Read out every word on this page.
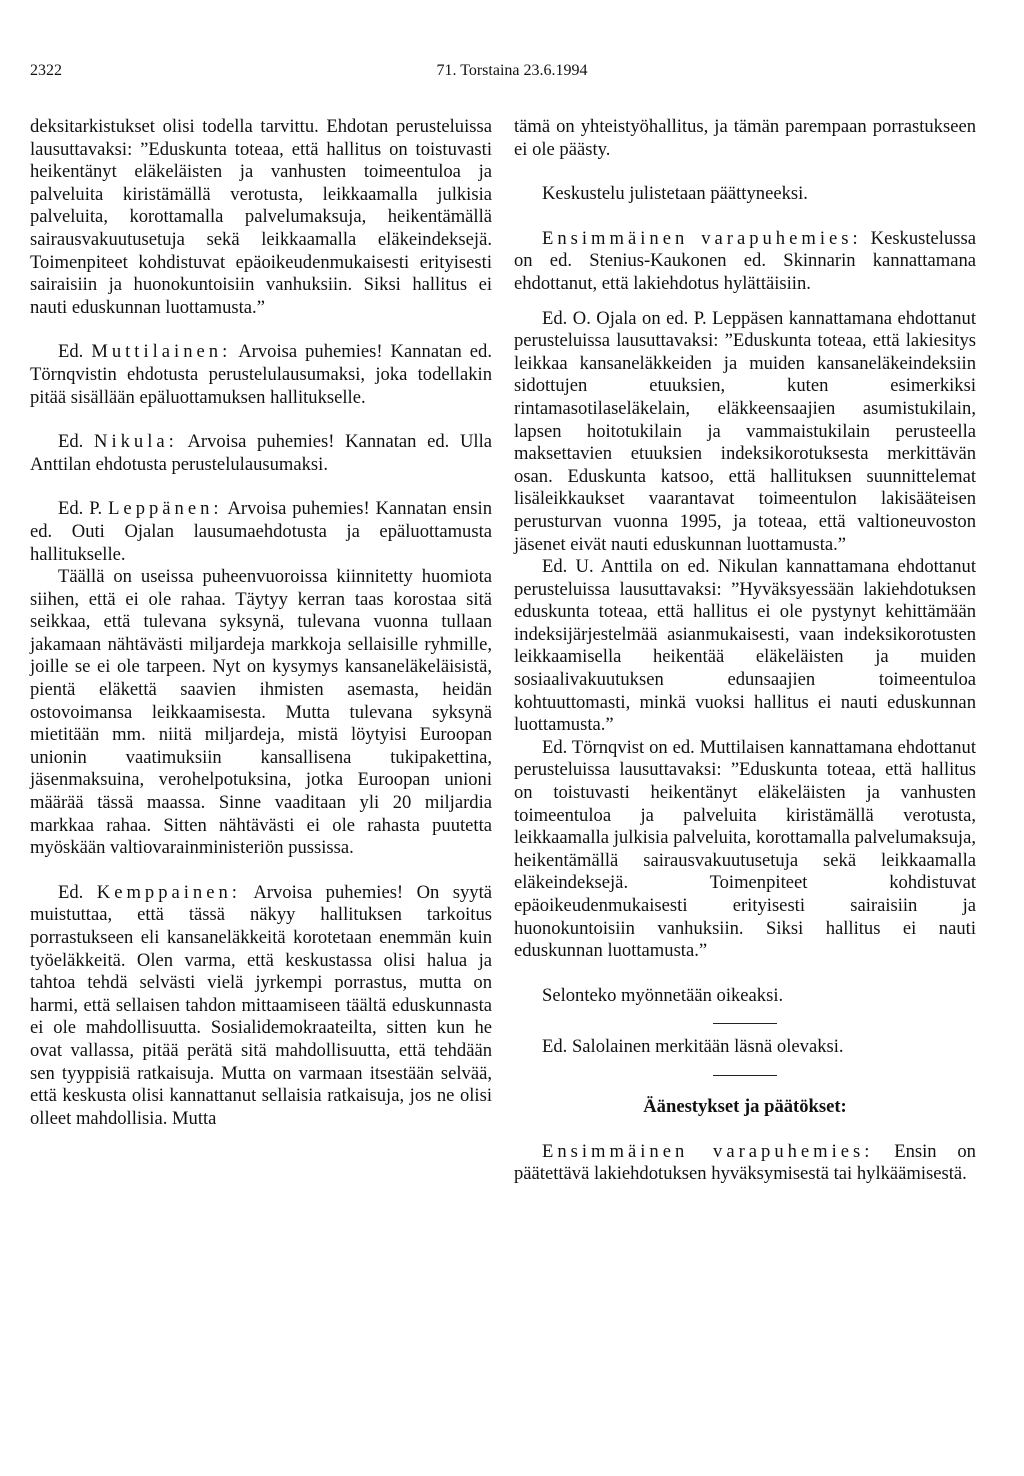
2322	71. Torstaina 23.6.1994

deksitarkistukset olisi todella tarvittu. Ehdotan perusteluissa lausuttavaksi: ”Eduskunta toteaa, että hallitus on toistuvasti heikentänyt eläkeläisten ja vanhusten toimeentuloa ja palveluita kiristämällä verotusta, leikkaamalla julkisia palveluita, korottamalla palvelumaksuja, heikentämällä sairausvakuutusetuja sekä leikkaamalla eläkeindeksejä. Toimenpiteet kohdistuvat epäoikeudenmukaisesti erityisesti sairaisiin ja huonokuntoisiin vanhuksiin. Siksi hallitus ei nauti eduskunnan luottamusta.”

Ed. Muttilainen: Arvoisa puhemies! Kannatan ed. Törnqvistin ehdotusta perustelulausumaksi, joka todellakin pitää sisällään epäluottamuksen hallitukselle.

Ed. Nikula: Arvoisa puhemies! Kannatan ed. Ulla Anttilan ehdotusta perustelulausumaksi.

Ed. P. Leppänen: Arvoisa puhemies! Kannatan ensin ed. Outi Ojalan lausumaehdotusta ja epäluottamusta hallitukselle.

Täällä on useissa puheenvuoroissa kiinnitetty huomiota siihen, että ei ole rahaa. Täytyy kerran taas korostaa sitä seikkaa, että tulevana syksynä, tulevana vuonna tullaan jakamaan nähtävästi miljardeja markkoja sellaisille ryhmille, joille se ei ole tarpeen. Nyt on kysymys kansaneläkeläisistä, pientä eläkettä saavien ihmisten asemasta, heidän ostovoimansa leikkaamisesta. Mutta tulevana syksynä mietitään mm. niitä miljardeja, mistä löytyisi Euroopan unionin vaatimuksiin kansallisena tukipakettina, jäsenmaksuina, verohelpotuksina, jotka Euroopan unioni määrää tässä maassa. Sinne vaaditaan yli 20 miljardia markkaa rahaa. Sitten nähtävästi ei ole rahasta puutetta myöskään valtiovarainministeriön pussissa.

Ed. Kemppainen: Arvoisa puhemies! On syytä muistuttaa, että tässä näkyy hallituksen tarkoitus porrastukseen eli kansaneläkkeitä korotetaan enemmän kuin työeläkkeitä. Olen varma, että keskustassa olisi halua ja tahtoa tehdä selvästi vielä jyrkempi porrastus, mutta on harmi, että sellaisen tahdon mittaamiseen täältä eduskunnasta ei ole mahdollisuutta. Sosialidemokraateilta, sitten kun he ovat vallassa, pitää perätä sitä mahdollisuutta, että tehdään sen tyyppisiä ratkaisuja. Mutta on varmaan itsestään selvää, että keskusta olisi kannattanut sellaisia ratkaisuja, jos ne olisi olleet mahdollisia. Mutta

tämä on yhteistyöhallitus, ja tämän parempaan porrastukseen ei ole päästy.

Keskustelu julistetaan päättyneeksi.

Ensimmäinen varapuhemies: Keskustelussa on ed. Stenius-Kaukonen ed. Skinnarin kannattamana ehdottanut, että lakiehdotus hylättäisiin.

Ed. O. Ojala on ed. P. Leppäsen kannattamana ehdottanut perusteluissa lausuttavaksi: ”Eduskunta toteaa, että lakiesitys leikkaa kansaneläkkeiden ja muiden kansaneläkeindeksiin sidottujen etuuksien, kuten esimerkiksi rintamasotilaseläkelain, eläkkeensaajien asumistukilain, lapsen hoitotukilain ja vammaistukilain perusteella maksettavien etuuksien indeksikorotuksesta merkittävän osan. Eduskunta katsoo, että hallituksen suunnittelemat lisäleikkaukset vaarantavat toimeentulon lakisääteisen perusturvan vuonna 1995, ja toteaa, että valtioneuvoston jäsenet eivät nauti eduskunnan luottamusta.”

Ed. U. Anttila on ed. Nikulan kannattamana ehdottanut perusteluissa lausuttavaksi: ”Hyväksyessään lakiehdotuksen eduskunta toteaa, että hallitus ei ole pystynyt kehittämään indeksijärjestelmää asianmukaisesti, vaan indeksikorotusten leikkaamisella heikentää eläkeläisten ja muiden sosiaalivakuutuksen edunsaajien toimeentuloa kohtuuttomasti, minkä vuoksi hallitus ei nauti eduskunnan luottamusta.”

Ed. Törnqvist on ed. Muttilaisen kannattamana ehdottanut perusteluissa lausuttavaksi: ”Eduskunta toteaa, että hallitus on toistuvasti heikentänyt eläkeläisten ja vanhusten toimeentuloa ja palveluita kiristämällä verotusta, leikkaamalla julkisia palveluita, korottamalla palvelumaksuja, heikentämällä sairausvakuutusetuja sekä leikkaamalla eläkeindeksejä. Toimenpiteet kohdistuvat epäoikeudenmukaisesti erityisesti sairaisiin ja huonokuntoisiin vanhuksiin. Siksi hallitus ei nauti eduskunnan luottamusta.”

Selonteko myönnetään oikeaksi.

Ed. Salolainen merkitään läsnä olevaksi.

Äänestykset ja päätökset:

Ensimmäinen varapuhemies: Ensin on päätettävä lakiehdotuksen hyväksymisestä tai hylkäämisestä.
